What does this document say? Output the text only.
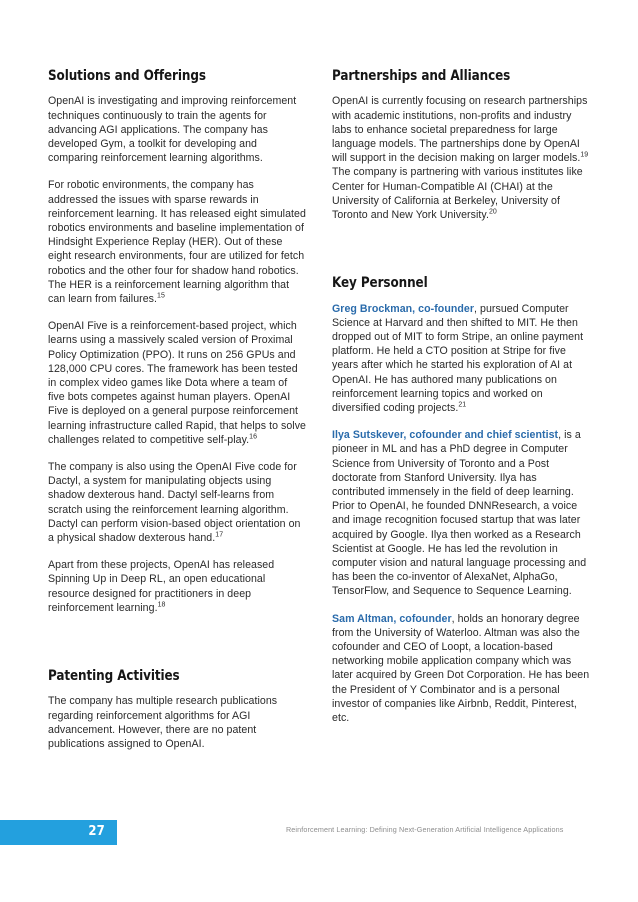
Solutions and Offerings

OpenAI is investigating and improving reinforcement techniques continuously to train the agents for advancing AGI applications. The company has developed Gym, a toolkit for developing and comparing reinforcement learning algorithms.

For robotic environments, the company has addressed the issues with sparse rewards in reinforcement learning. It has released eight simulated robotics environments and baseline implementation of Hindsight Experience Replay (HER). Out of these eight research environments, four are utilized for fetch robotics and the other four for shadow hand robotics. The HER is a reinforcement learning algorithm that can learn from failures.$^{15}$

OpenAI Five is a reinforcement-based project, which learns using a massively scaled version of Proximal Policy Optimization (PPO). It runs on 256 GPUs and 128,000 CPU cores. The framework has been tested in complex video games like Dota where a team of five bots competes against human players. OpenAI Five is deployed on a general purpose reinforcement learning infrastructure called Rapid, that helps to solve challenges related to competitive self-play.$^{16}$

The company is also using the OpenAI Five code for Dactyl, a system for manipulating objects using shadow dexterous hand. Dactyl self-learns from scratch using the reinforcement learning algorithm. Dactyl can perform vision-based object orientation on a physical shadow dexterous hand.$^{17}$

Apart from these projects, OpenAI has released Spinning Up in Deep RL, an open educational resource designed for practitioners in deep reinforcement learning.$^{18}$

Patenting Activities

The company has multiple research publications regarding reinforcement algorithms for AGI advancement. However, there are no patent publications assigned to OpenAI.

Partnerships and Alliances

OpenAI is currently focusing on research partnerships with academic institutions, non-profits and industry labs to enhance societal preparedness for large language models. The partnerships done by OpenAI will support in the decision making on larger models.$^{19}$ The company is partnering with various institutes like Center for Human-Compatible AI (CHAI) at the University of California at Berkeley, University of Toronto and New York University.$^{20}$

Key Personnel

Greg Brockman, co-founder, pursued Computer Science at Harvard and then shifted to MIT. He then dropped out of MIT to form Stripe, an online payment platform. He held a CTO position at Stripe for five years after which he started his exploration of AI at OpenAI. He has authored many publications on reinforcement learning topics and worked on diversified coding projects.$^{21}$

Ilya Sutskever, cofounder and chief scientist, is a pioneer in ML and has a PhD degree in Computer Science from University of Toronto and a Post doctorate from Stanford University. Ilya has contributed immensely in the field of deep learning. Prior to OpenAI, he founded DNNResearch, a voice and image recognition focused startup that was later acquired by Google. Ilya then worked as a Research Scientist at Google. He has led the revolution in computer vision and natural language processing and has been the co-inventor of AlexaNet, AlphaGo, TensorFlow, and Sequence to Sequence Learning.

Sam Altman, cofounder, holds an honorary degree from the University of Waterloo. Altman was also the cofounder and CEO of Loopt, a location-based networking mobile application company which was later acquired by Green Dot Corporation. He has been the President of Y Combinator and is a personal investor of companies like Airbnb, Reddit, Pinterest, etc.

27	Reinforcement Learning: Defining Next-Generation Artificial Intelligence Applications
